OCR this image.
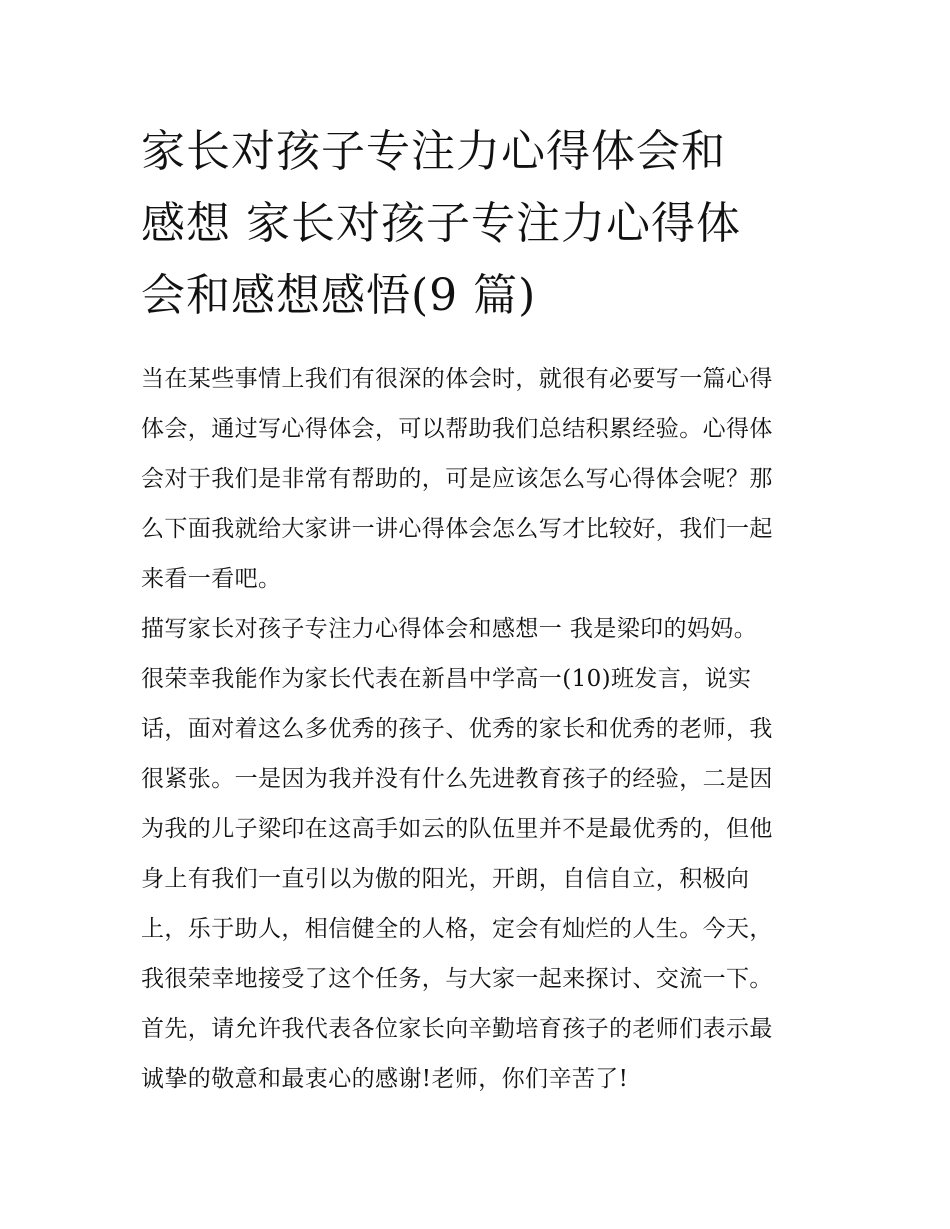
家长对孩子专注力心得体会和
感想 家长对孩子专注力心得体
会和感想感悟(9 篇)
当在某些事情上我们有很深的体会时，就很有必要写一篇心得
体会，通过写心得体会，可以帮助我们总结积累经验。心得体
会对于我们是非常有帮助的，可是应该怎么写心得体会呢？那
么下面我就给大家讲一讲心得体会怎么写才比较好，我们一起
来看一看吧。
描写家长对孩子专注力心得体会和感想一 我是梁印的妈妈。
很荣幸我能作为家长代表在新昌中学高一(10)班发言，说实
话，面对着这么多优秀的孩子、优秀的家长和优秀的老师，我
很紧张。一是因为我并没有什么先进教育孩子的经验，二是因
为我的儿子梁印在这高手如云的队伍里并不是最优秀的，但他
身上有我们一直引以为傲的阳光，开朗，自信自立，积极向
上，乐于助人，相信健全的人格，定会有灿烂的人生。今天，
我很荣幸地接受了这个任务，与大家一起来探讨、交流一下。
首先，请允许我代表各位家长向辛勤培育孩子的老师们表示最
诚挚的敬意和最衷心的感谢!老师，你们辛苦了!
